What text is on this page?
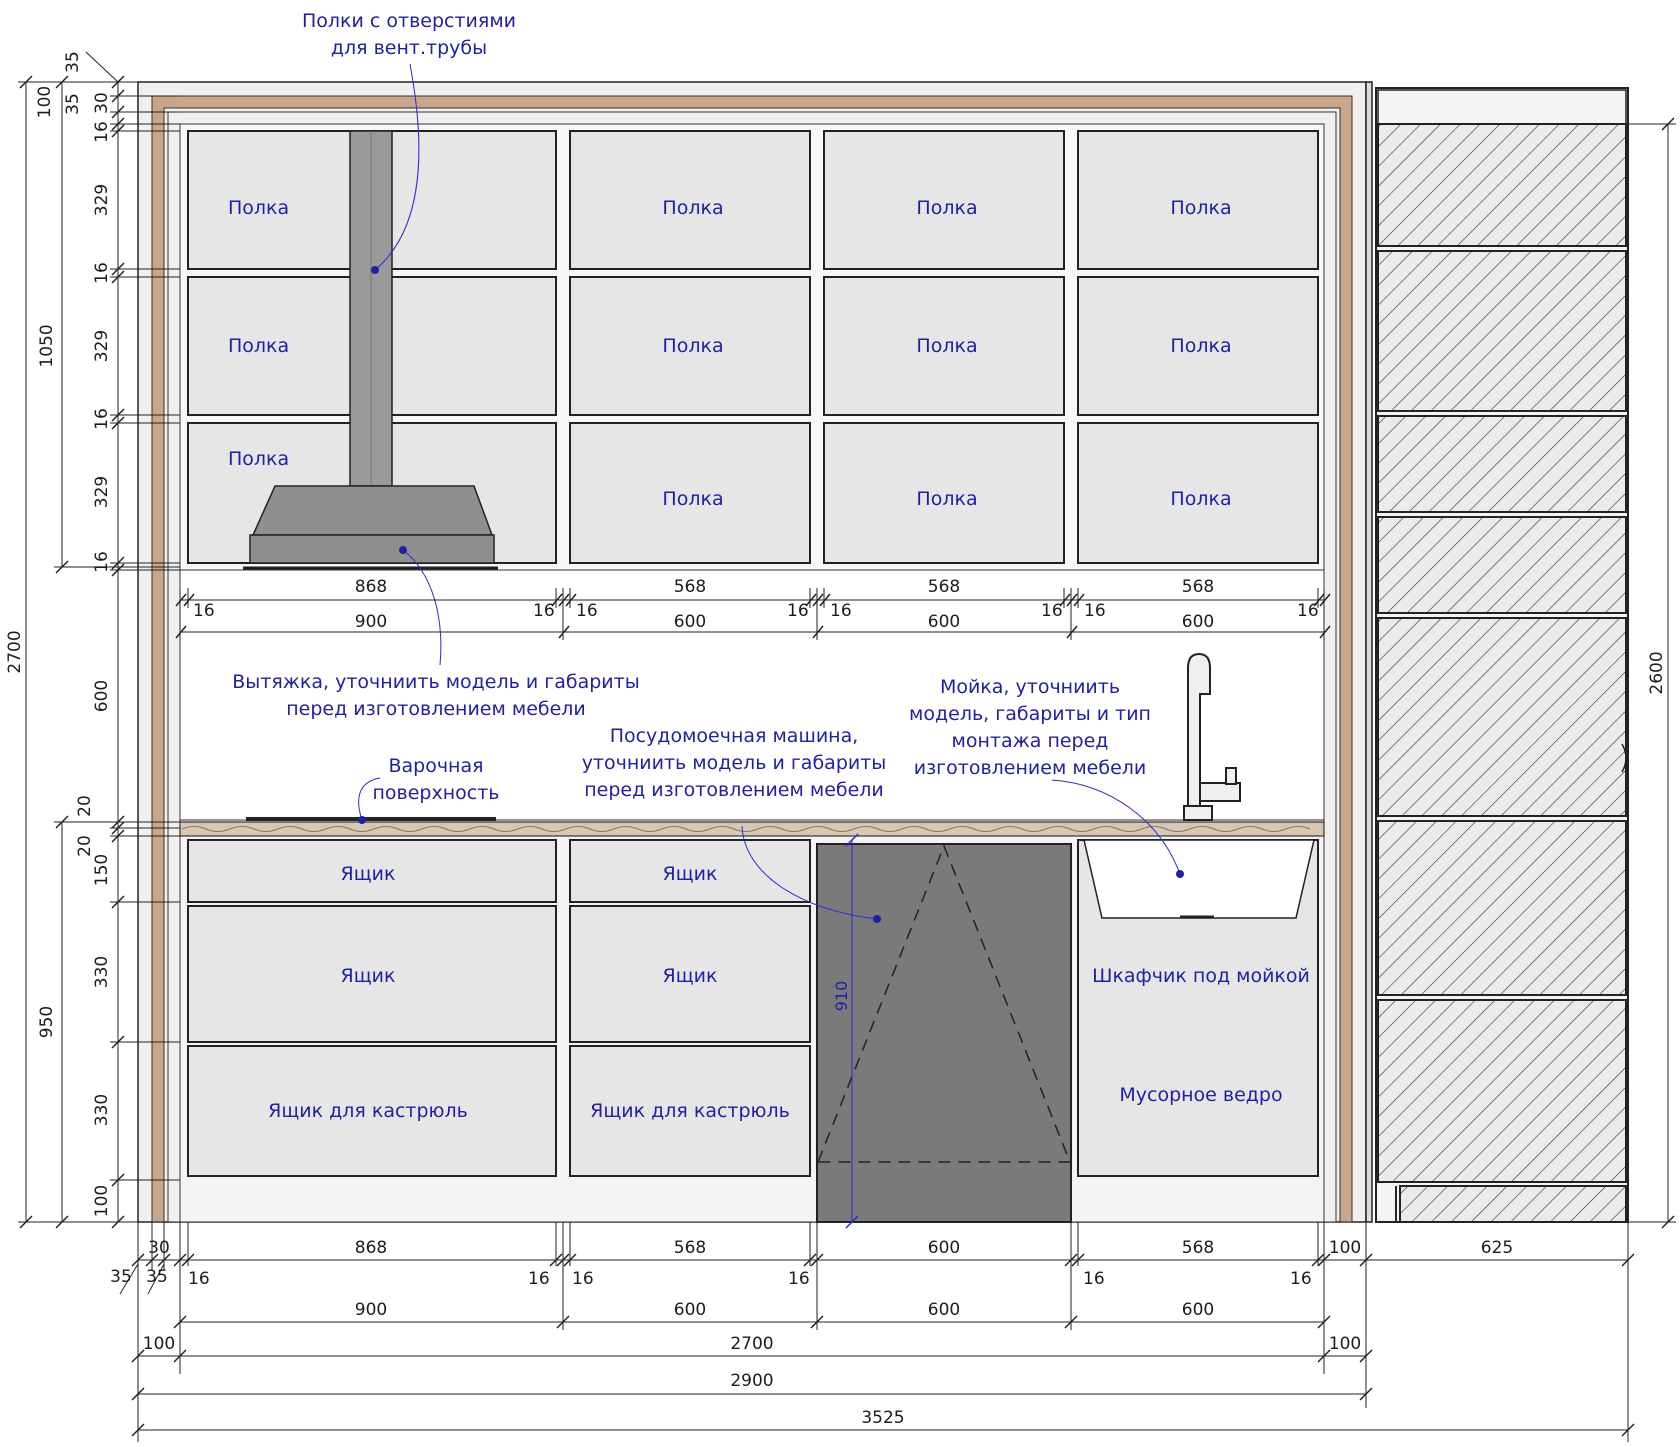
Полка
Полка
Полка
Полка
Полка
Полка
Полка
Полка
Полка
Полка
Полка
Полка
Ящик
Ящик
Ящик для кастрюль
Ящик
Ящик
Ящик для кастрюль
Шкафчик под мойкой
Мусорное ведро
Полки с отверстиями
для вент.трубы
Вытяжка, уточниить модель и габариты
перед изготовлением мебели
Варочная
поверхность
Посудомоечная машина,
уточниить модель и габариты
перед изготовлением мебели
Мойка, уточниить
модель, габариты и тип
монтажа перед
изготовлением мебели
35
100 35 30
16
329
16
329
16
329
16
1050
2700
600
20
20
150
330
330
100
950
868	568	568	568
900	600	600	600
16	16 16	16 16	16 16	16
910
30
35 35
868	568	600	568	100	625
16	16 16	16	16	16
900	600	600	600
100	2700	100
2900
3525
2600
